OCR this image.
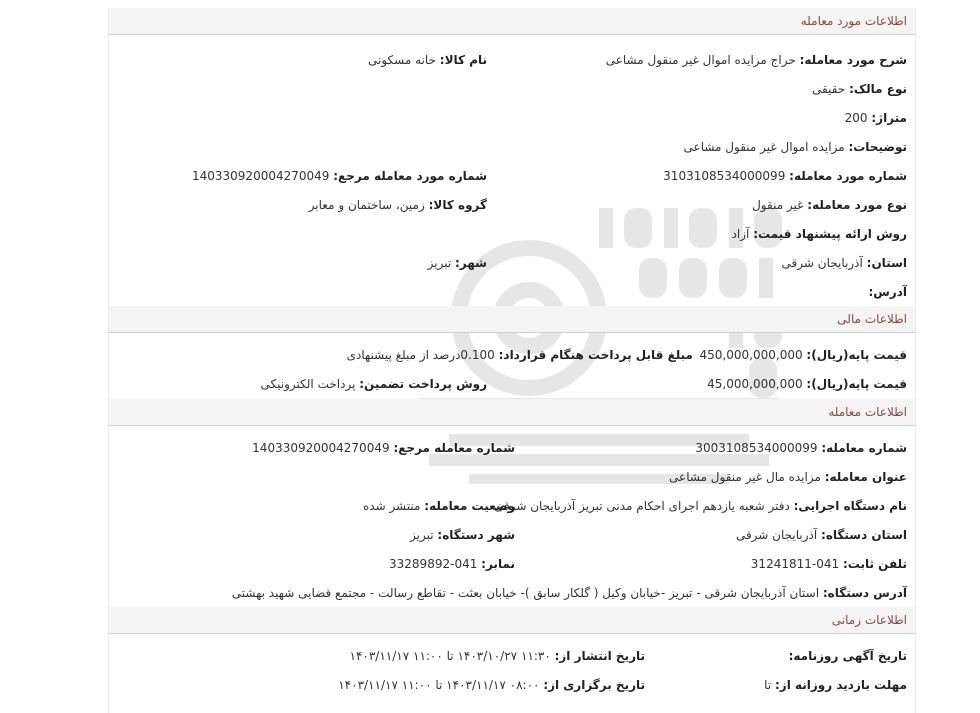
اطلاعات مورد معامله
شرح مورد معامله: حراج مزایده اموال غیر منقول مشاعی
نام کالا: خانه مسکونی
نوع مالک: حقیقی
متراژ: 200
توضیحات: مزایده اموال غیر منقول مشاعی
شماره مورد معامله: 3103108534000099
شماره مورد معامله مرجع: 140330920004270049
نوع مورد معامله: غیر منقول
گروه کالا: زمین، ساختمان و معابر
روش ارائه پیشنهاد قیمت: آزاد
استان: آذربایجان شرقی
شهر: تبریز
آدرس:
اطلاعات مالی
قیمت پایه(ریال): 450,000,000,000
مبلغ قابل پرداخت هنگام قرارداد: 0.100درصد از مبلغ پیشنهادی
قیمت پایه(ریال): 45,000,000,000
روش پرداخت تضمین: پرداخت الکترونیکی
اطلاعات معامله
شماره معامله: 3003108534000099
شماره معامله مرجع: 140330920004270049
عنوان معامله: مزایده مال غیر منقول مشاعی
نام دستگاه اجرایی: دفتر شعبه یازدهم اجرای احکام مدنی تبریز آذربایجان شرقی
وضعیت معامله: منتشر شده
استان دستگاه: آذربایجان شرقی
شهر دستگاه: تبریز
تلفن ثابت: 041-31241811
نمابر: 041-33289892
آدرس دستگاه: استان آذربایجان شرقی - تبریز -خیابان وکیل ( گلکار سابق )- خیابان بعثت - تقاطع رسالت - مجتمع قضایی شهید بهشتی
اطلاعات زمانی
تاریخ آگهی روزنامه:
تاریخ انتشار از: ۱۱:۳۰ ۱۴۰۳/۱۰/۲۷ تا ۱۱:۰۰ ۱۴۰۳/۱۱/۱۷
مهلت بازدید روزانه از: تا
تاریخ برگزاری از: ۰۸:۰۰ ۱۴۰۳/۱۱/۱۷ تا ۱۱:۰۰ ۱۴۰۳/۱۱/۱۷
